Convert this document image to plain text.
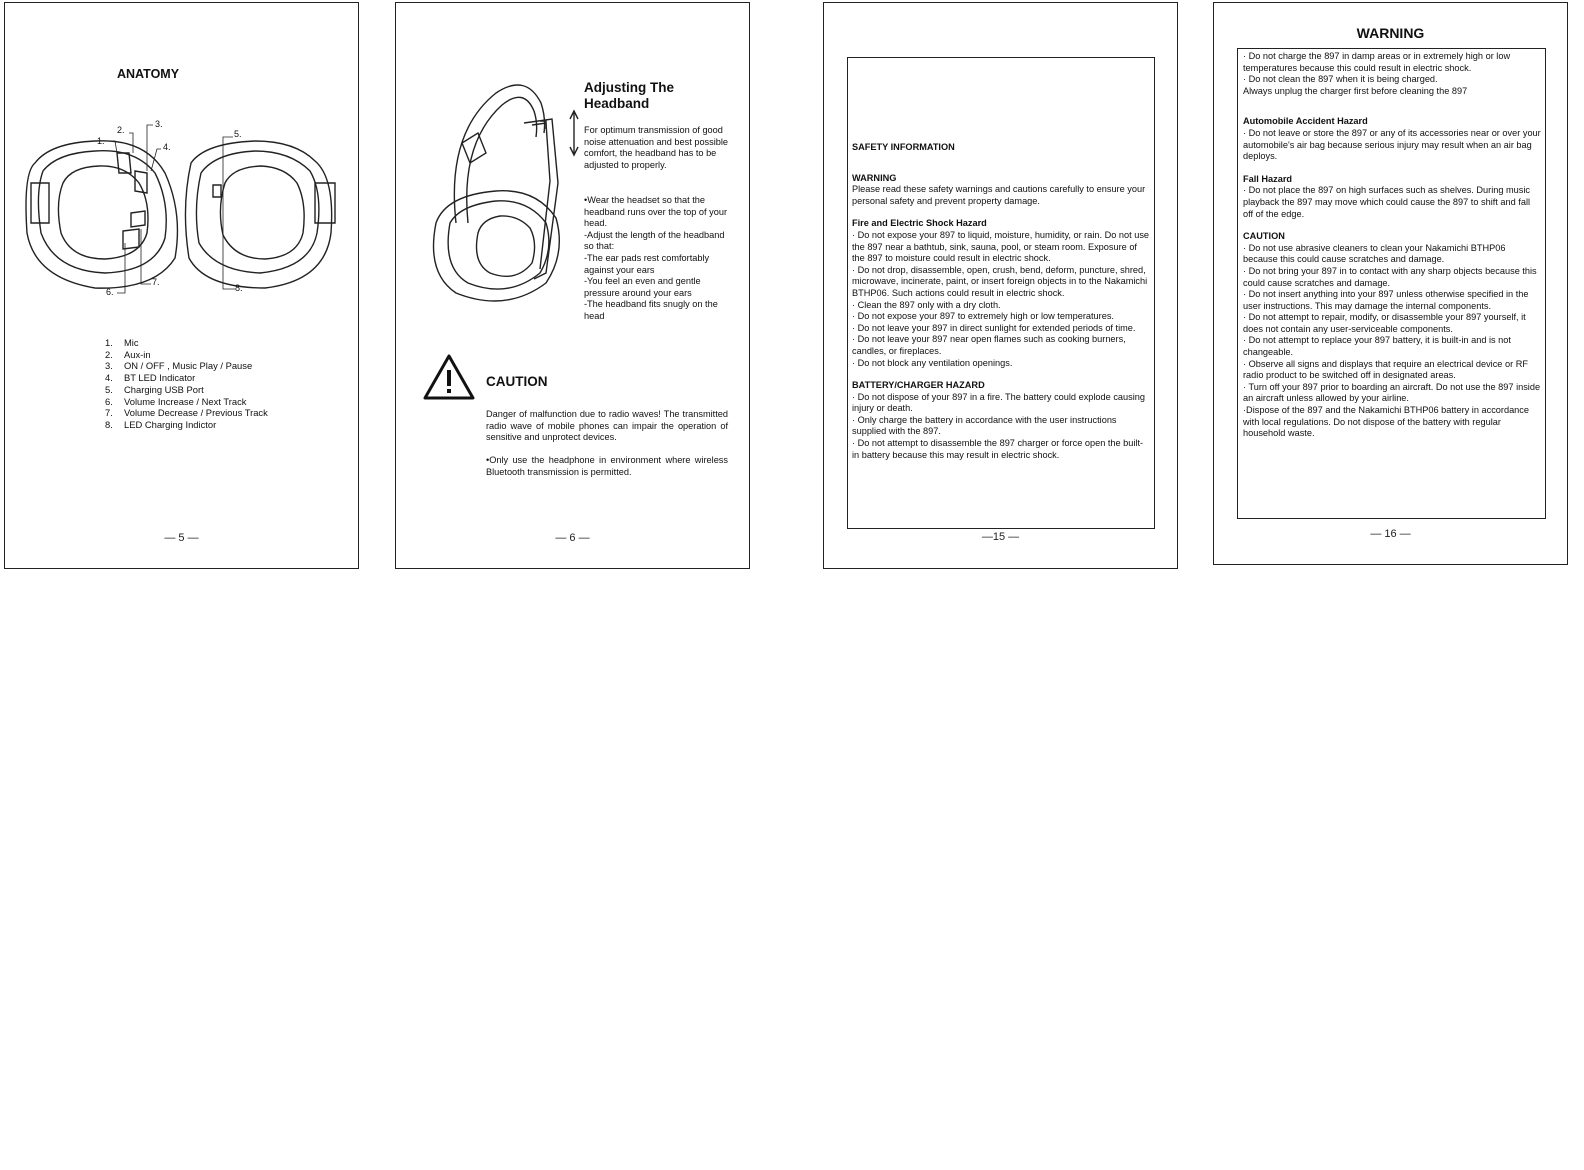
ANATOMY
1.
2.
3.
4.
5.
6.
7.
8.
1.	Mic
2.	Aux-in
3.	ON / OFF , Music Play / Pause
4.	BT LED Indicator
5.	Charging USB Port
6.	Volume Increase / Next Track
7.	Volume Decrease / Previous Track
8.	LED Charging Indictor
— 5 —
Adjusting The Headband
For optimum transmission of good noise attenuation and best possible comfort, the headband has to be adjusted to properly.
•Wear the headset so that the headband runs over the top of your head.
-Adjust the length of the headband so that:
-The ear pads rest comfortably against your ears
-You feel an even and gentle pressure around your ears
-The headband fits snugly on the head
CAUTION
Danger of malfunction due to radio waves! The transmitted radio wave of mobile phones can impair the operation of sensitive and unprotect devices.
•Only use the headphone in environment where wireless Bluetooth transmission is permitted.
— 6 —
SAFETY INFORMATION
WARNING
Please read these safety warnings and cautions carefully to ensure your personal safety and prevent property damage.
Fire and Electric Shock Hazard
· Do not expose your 897 to liquid, moisture, humidity, or rain. Do not use the 897 near a bathtub, sink, sauna, pool, or steam room. Exposure of the 897 to moisture could result in electric shock.
· Do not drop, disassemble, open, crush, bend, deform, puncture, shred, microwave, incinerate, paint, or insert foreign objects in to the Nakamichi BTHP06. Such actions could result in electric shock.
· Clean the 897 only with a dry cloth.
· Do not expose your 897 to extremely high or low temperatures.
· Do not leave your 897 in direct sunlight for extended periods of time.
· Do not leave your 897 near open flames such as cooking burners, candles, or fireplaces.
· Do not block any ventilation openings.
BATTERY/CHARGER HAZARD
· Do not dispose of your 897 in a fire. The battery could explode causing injury or death.
· Only charge the battery in accordance with the user instructions supplied with the 897.
· Do not attempt to disassemble the 897 charger or force open the built-in battery because this may result in electric shock.
—15 —
WARNING
· Do not charge the 897 in damp areas or in extremely high or low temperatures because this could result in electric shock.
· Do not clean the 897 when it is being charged.
Always unplug the charger first before cleaning the 897
Automobile Accident Hazard
· Do not leave or store the 897 or any of its accessories near or over your automobile's air bag because serious injury may result when an air bag deploys.
Fall Hazard
· Do not place the 897 on high surfaces such as shelves. During music playback the 897 may move which could cause the 897 to shift and fall off of the edge.
CAUTION
· Do not use abrasive cleaners to clean your Nakamichi BTHP06 because this could cause scratches and damage.
· Do not bring your 897 in to contact with any sharp objects because this could cause scratches and damage.
· Do not insert anything into your 897 unless otherwise specified in the user instructions. This may damage the internal components.
· Do not attempt to repair, modify, or disassemble your 897 yourself, it does not contain any user-serviceable components.
· Do not attempt to replace your 897 battery, it is built-in and is not changeable.
· Observe all signs and displays that require an electrical device or RF radio product to be switched off in designated areas.
· Turn off your 897 prior to boarding an aircraft. Do not use the 897 inside an aircraft unless allowed by your airline.
·Dispose of the 897 and the Nakamichi BTHP06 battery in accordance with local regulations. Do not dispose of the battery with regular household waste.
— 16 —
